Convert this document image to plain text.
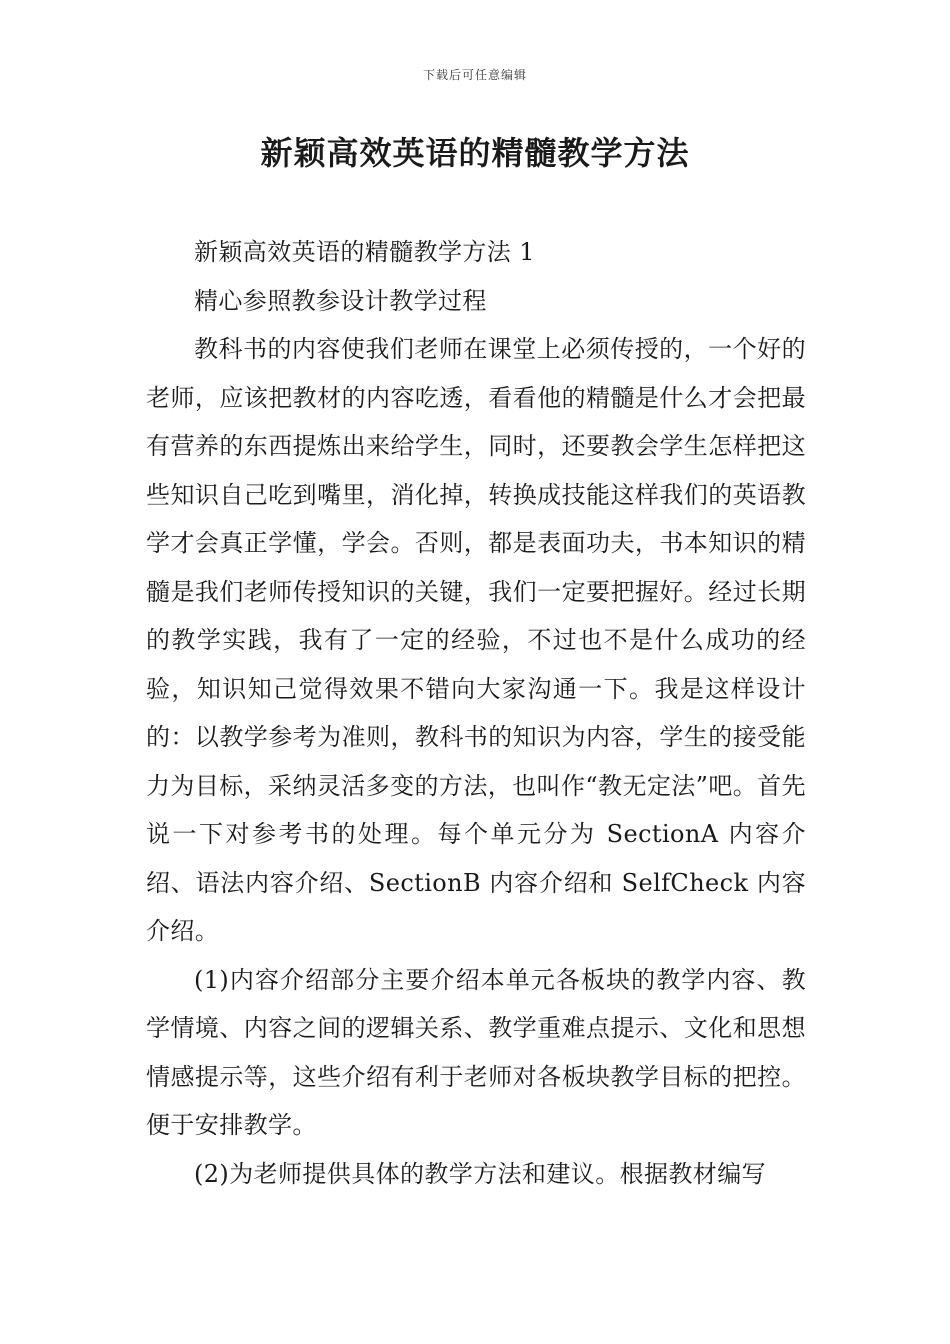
下载后可任意编辑
新颖高效英语的精髓教学方法

新颖高效英语的精髓教学方法 1

精心参照教参设计教学过程

教科书的内容使我们老师在课堂上必须传授的，一个好的老师，应该把教材的内容吃透，看看他的精髓是什么才会把最有营养的东西提炼出来给学生，同时，还要教会学生怎样把这些知识自己吃到嘴里，消化掉，转换成技能这样我们的英语教学才会真正学懂，学会。否则，都是表面功夫，书本知识的精髓是我们老师传授知识的关键，我们一定要把握好。经过长期的教学实践，我有了一定的经验，不过也不是什么成功的经验，知识知己觉得效果不错向大家沟通一下。我是这样设计的：以教学参考为准则，教科书的知识为内容，学生的接受能力为目标，采纳灵活多变的方法，也叫作“教无定法”吧。首先说一下对参考书的处理。每个单元分为 SectionA 内容介绍、语法内容介绍、SectionB 内容介绍和 SelfCheck 内容介绍。

(1)内容介绍部分主要介绍本单元各板块的教学内容、教学情境、内容之间的逻辑关系、教学重难点提示、文化和思想情感提示等，这些介绍有利于老师对各板块教学目标的把控。便于安排教学。

(2)为老师提供具体的教学方法和建议。根据教材编写
